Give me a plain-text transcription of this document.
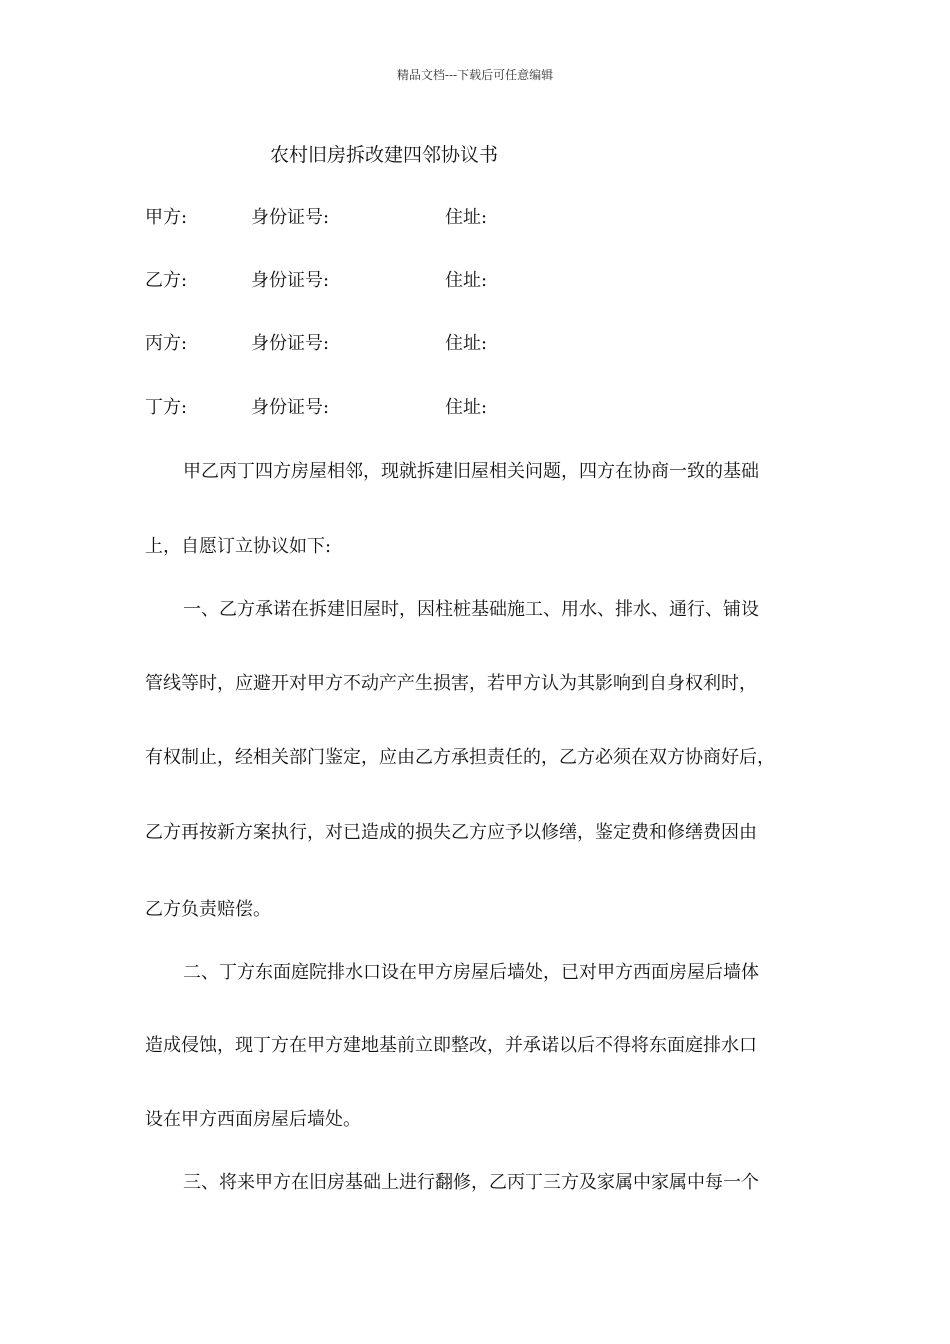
精品文档---下载后可任意编辑
农村旧房拆改建四邻协议书
甲方:	身份证号:	住址:
乙方:	身份证号:	住址:
丙方:	身份证号:	住址:
丁方:	身份证号:	住址:
甲乙丙丁四方房屋相邻，现就拆建旧屋相关问题，四方在协商一致的基础
上，自愿订立协议如下:
一、乙方承诺在拆建旧屋时，因柱桩基础施工、用水、排水、通行、铺设
管线等时，应避开对甲方不动产产生损害，若甲方认为其影响到自身权利时，
有权制止，经相关部门鉴定，应由乙方承担责任的，乙方必须在双方协商好后，
乙方再按新方案执行，对已造成的损失乙方应予以修缮，鉴定费和修缮费因由
乙方负责赔偿。
二、丁方东面庭院排水口设在甲方房屋后墙处，已对甲方西面房屋后墙体
造成侵蚀，现丁方在甲方建地基前立即整改，并承诺以后不得将东面庭排水口
设在甲方西面房屋后墙处。
三、将来甲方在旧房基础上进行翻修，乙丙丁三方及家属中家属中每一个
